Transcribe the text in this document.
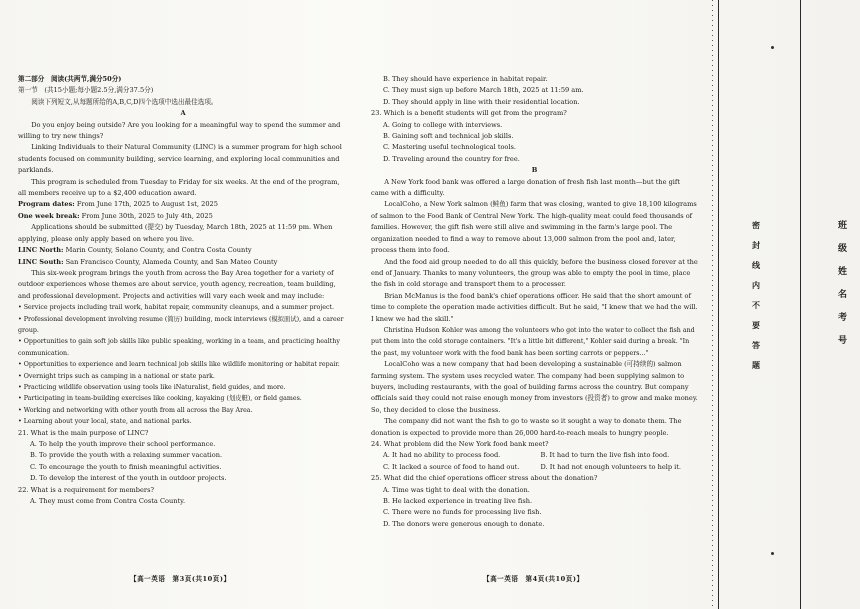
第二部分　阅读(共两节,满分50分)

第一节　(共15小题;每小题2.5分,满分37.5分)

阅读下列短文,从每题所给的A,B,C,D四个选项中选出最佳选项。

A

Do you enjoy being outside? Are you looking for a meaningful way to spend the summer and willing to try new things?

Linking Individuals to their Natural Community (LINC) is a summer program for high school students focused on community building, service learning, and exploring local communities and parklands.

This program is scheduled from Tuesday to Friday for six weeks. At the end of the program, all members receive up to a $2,400 education award.

Program dates: From June 17th, 2025 to August 1st, 2025

One week break: From June 30th, 2025 to July 4th, 2025

Applications should be submitted (提交) by Tuesday, March 18th, 2025 at 11:59 pm. When applying, please only apply based on where you live.

LINC North: Marin County, Solano County, and Contra Costa County

LINC South: San Francisco County, Alameda County, and San Mateo County

This six-week program brings the youth from across the Bay Area together for a variety of outdoor experiences whose themes are about service, youth agency, recreation, team building, and professional development. Projects and activities will vary each week and may include:

• Service projects including trail work, habitat repair, community cleanups, and a summer project.

• Professional development involving resume (简历) building, mock interviews (模拟面试), and a career group.

• Opportunities to gain soft job skills like public speaking, working in a team, and practicing healthy communication.

• Opportunities to experience and learn technical job skills like wildlife monitoring or habitat repair.

• Overnight trips such as camping in a national or state park.

• Practicing wildlife observation using tools like iNaturalist, field guides, and more.

• Participating in team-building exercises like cooking, kayaking (划皮艇), or field games.

• Working and networking with other youth from all across the Bay Area.

• Learning about your local, state, and national parks.

21. What is the main purpose of LINC?

A. To help the youth improve their school performance.

B. To provide the youth with a relaxing summer vacation.

C. To encourage the youth to finish meaningful activities.

D. To develop the interest of the youth in outdoor projects.

22. What is a requirement for members?

A. They must come from Contra Costa County.

B. They should have experience in habitat repair.

C. They must sign up before March 18th, 2025 at 11:59 am.

D. They should apply in line with their residential location.

23. Which is a benefit students will get from the program?

A. Going to college with interviews.

B. Gaining soft and technical job skills.

C. Mastering useful technological tools.

D. Traveling around the country for free.

B

A New York food bank was offered a large donation of fresh fish last month—but the gift came with a difficulty.

LocalCoho, a New York salmon (鲑鱼) farm that was closing, wanted to give 18,100 kilograms of salmon to the Food Bank of Central New York. The high-quality meat could feed thousands of families. However, the gift fish were still alive and swimming in the farm's large pool. The organization needed to find a way to remove about 13,000 salmon from the pool and, later, process them into food.

And the food aid group needed to do all this quickly, before the business closed forever at the end of January. Thanks to many volunteers, the group was able to empty the pool in time, place the fish in cold storage and transport them to a processer.

Brian McManus is the food bank's chief operations officer. He said that the short amount of time to complete the operation made activities difficult. But he said, "I knew that we had the will. I knew we had the skill."

Christina Hudson Kohler was among the volunteers who got into the water to collect the fish and put them into the cold storage containers. "It's a little bit different," Kohler said during a break. "In the past, my volunteer work with the food bank has been sorting carrots or peppers..."

LocalCoho was a new company that had been developing a sustainable (可持续的) salmon farming system. The system uses recycled water. The company had been supplying salmon to buyers, including restaurants, with the goal of building farms across the country. But company officials said they could not raise enough money from investors (投资者) to grow and make money. So, they decided to close the business.

The company did not want the fish to go to waste so it sought a way to donate them. The donation is expected to provide more than 26,000 hard-to-reach meals to hungry people.

24. What problem did the New York food bank meet?

A. It had no ability to process food.	B. It had to turn the live fish into food.
C. It lacked a source of food to hand out.	D. It had not enough volunteers to help it.

25. What did the chief operations officer stress about the donation?

A. Time was tight to deal with the donation.

B. He lacked experience in treating live fish.

C. There were no funds for processing live fish.

D. The donors were generous enough to donate.

【高一英语　第3页(共10页)】	【高一英语　第4页(共10页)】
密封线内不要答题
班级姓名考号
